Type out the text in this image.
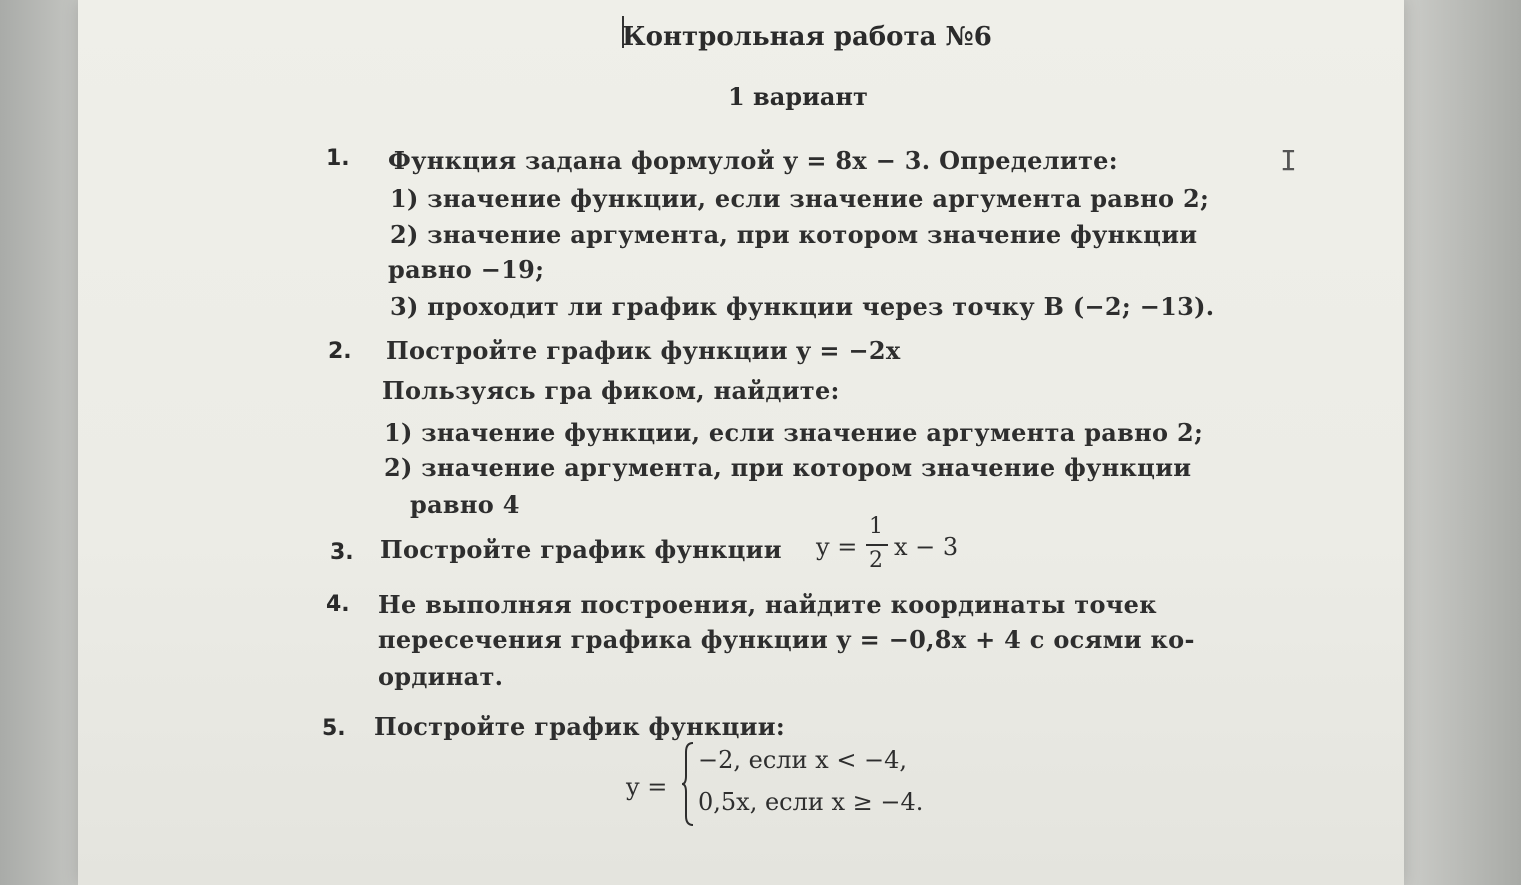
Контрольная работа №6
1 вариант
I
1. Функция задана формулой y = 8x − 3. Определите:
1) значение функции, если значение аргумента равно 2;
2) значение аргумента, при котором значение функции
равно −19;
3) проходит ли график функции через точку B (−2; −13).
2. Постройте график функции y = −2x
Пользуясь гра фиком, найдите:
1) значение функции, если значение аргумента равно 2;
2) значение аргумента, при котором значение функции
равно 4
3. Постройте график функции y =
1
2 x − 3
4. Не выполняя построения, найдите координаты точек
пересечения графика функции y = −0,8x + 4 с осями ко-
ординат.
5. Постройте график функции:
y =
−2, если x < −4,
0,5x, если x ≥ −4.
